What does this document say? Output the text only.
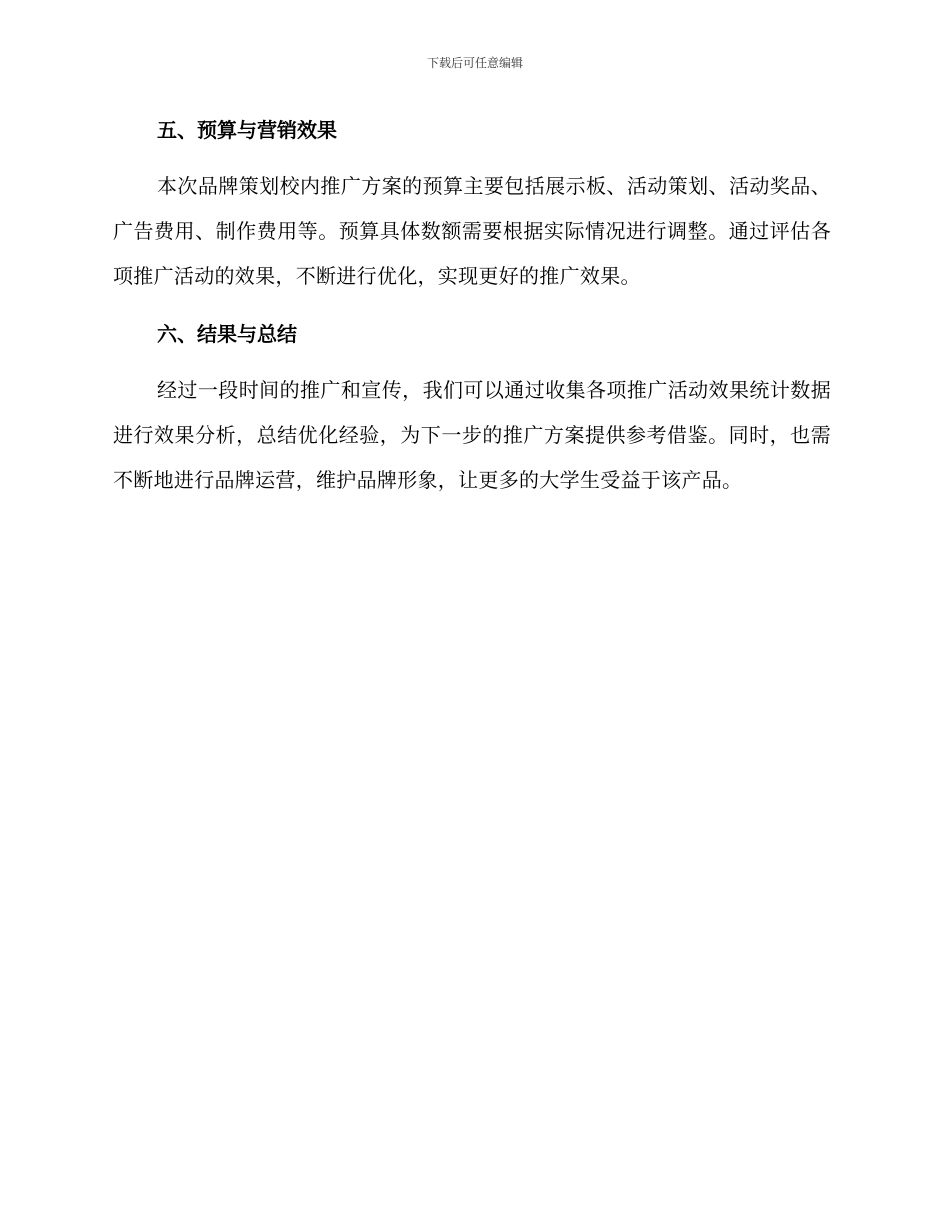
下载后可任意编辑
五、预算与营销效果

本次品牌策划校内推广方案的预算主要包括展示板、活动策划、活动奖品、广告费用、制作费用等。预算具体数额需要根据实际情况进行调整。通过评估各项推广活动的效果，不断进行优化，实现更好的推广效果。

六、结果与总结

经过一段时间的推广和宣传，我们可以通过收集各项推广活动效果统计数据进行效果分析，总结优化经验，为下一步的推广方案提供参考借鉴。同时，也需不断地进行品牌运营，维护品牌形象，让更多的大学生受益于该产品。
